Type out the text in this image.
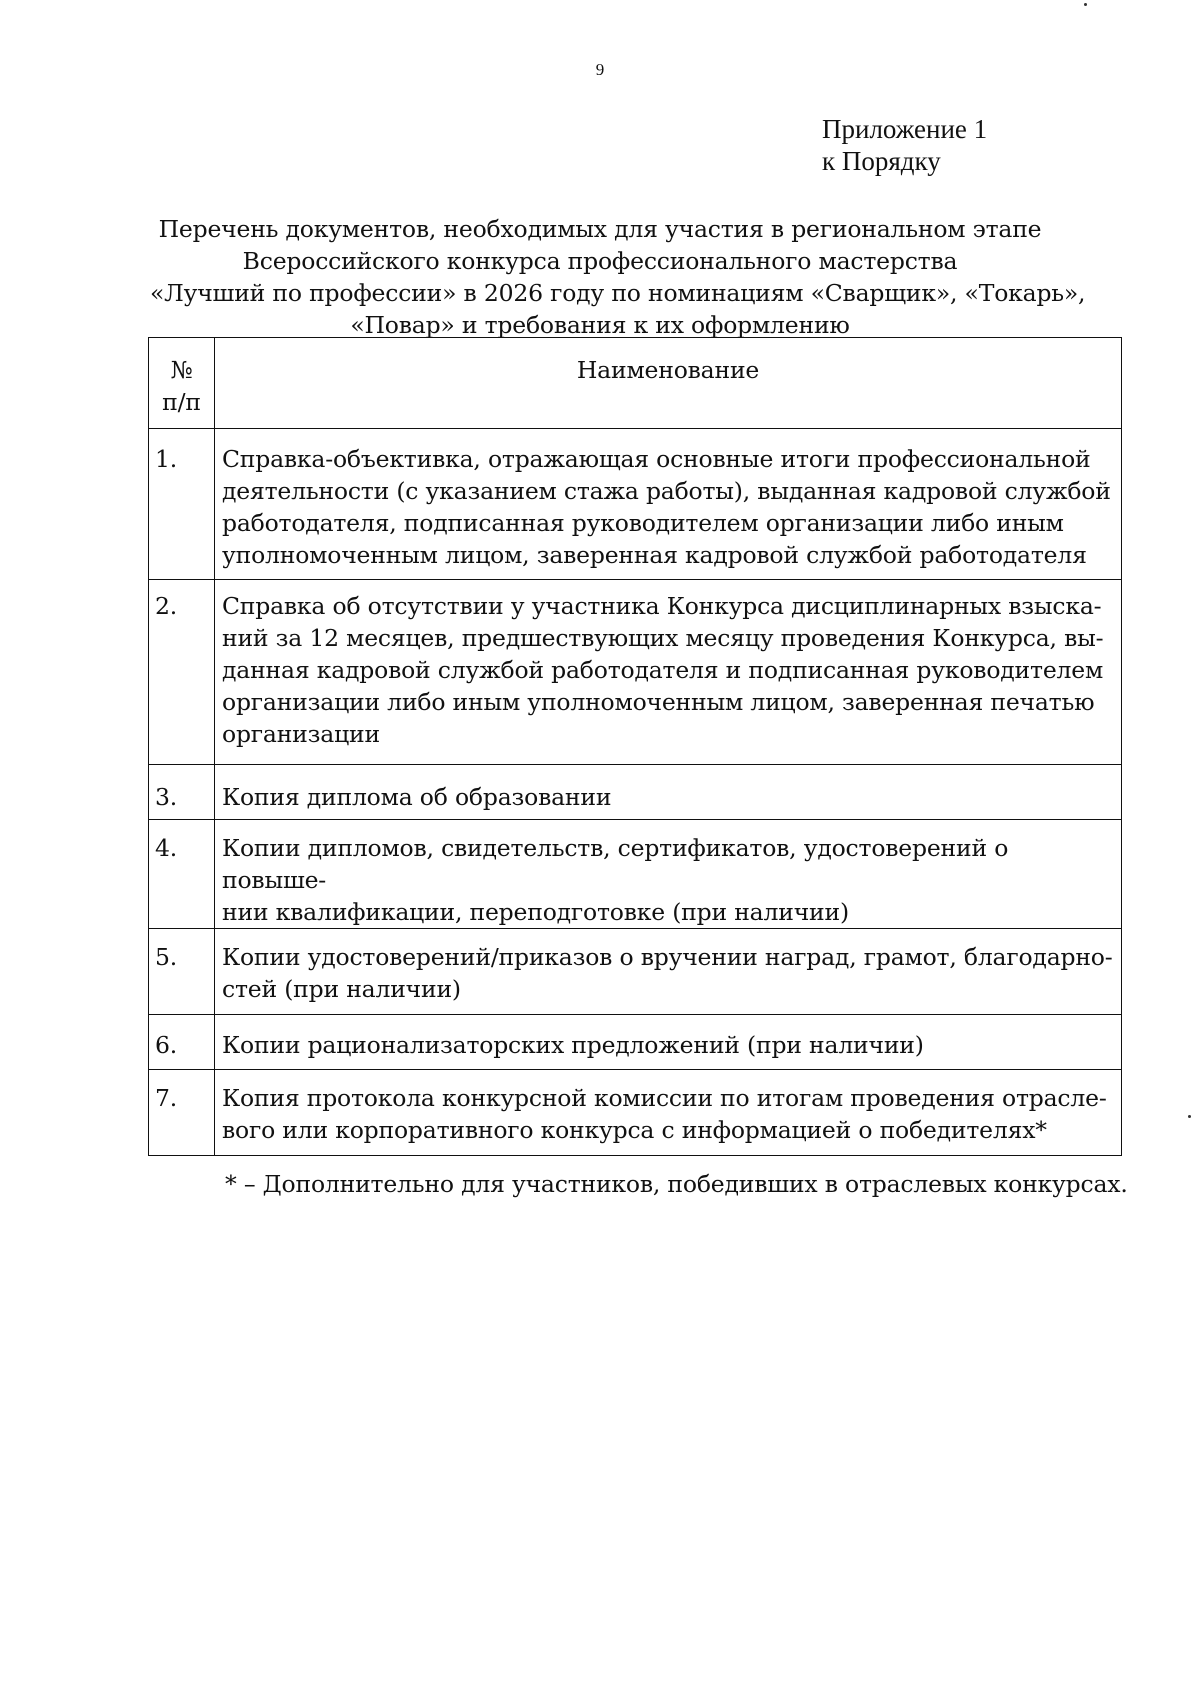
9
Приложение 1
к Порядку
Перечень документов, необходимых для участия в региональном этапе
Всероссийского конкурса профессионального мастерства
«Лучший по профессии» в 2026 году по номинациям «Сварщик», «Токарь»,
«Повар» и требования к их оформлению
№
п/п	Наименование
1.	Справка-объективка, отражающая основные итоги профессиональной
деятельности (с указанием стажа работы), выданная кадровой службой
работодателя, подписанная руководителем организации либо иным
уполномоченным лицом, заверенная кадровой службой работодателя

2.	Справка об отсутствии у участника Конкурса дисциплинарных взыска-
ний за 12 месяцев, предшествующих месяцу проведения Конкурса, вы-
данная кадровой службой работодателя и подписанная руководителем
организации либо иным уполномоченным лицом, заверенная печатью
организации

3.	Копия диплома об образовании

4.	Копии дипломов, свидетельств, сертификатов, удостоверений о повыше-
нии квалификации, переподготовке (при наличии)

5.	Копии удостоверений/приказов о вручении наград, грамот, благодарно-
стей (при наличии)

6.	Копии рационализаторских предложений (при наличии)

7.	Копия протокола конкурсной комиссии по итогам проведения отрасле-
вого или корпоративного конкурса с информацией о победителях*
* – Дополнительно для участников, победивших в отраслевых конкурсах.
